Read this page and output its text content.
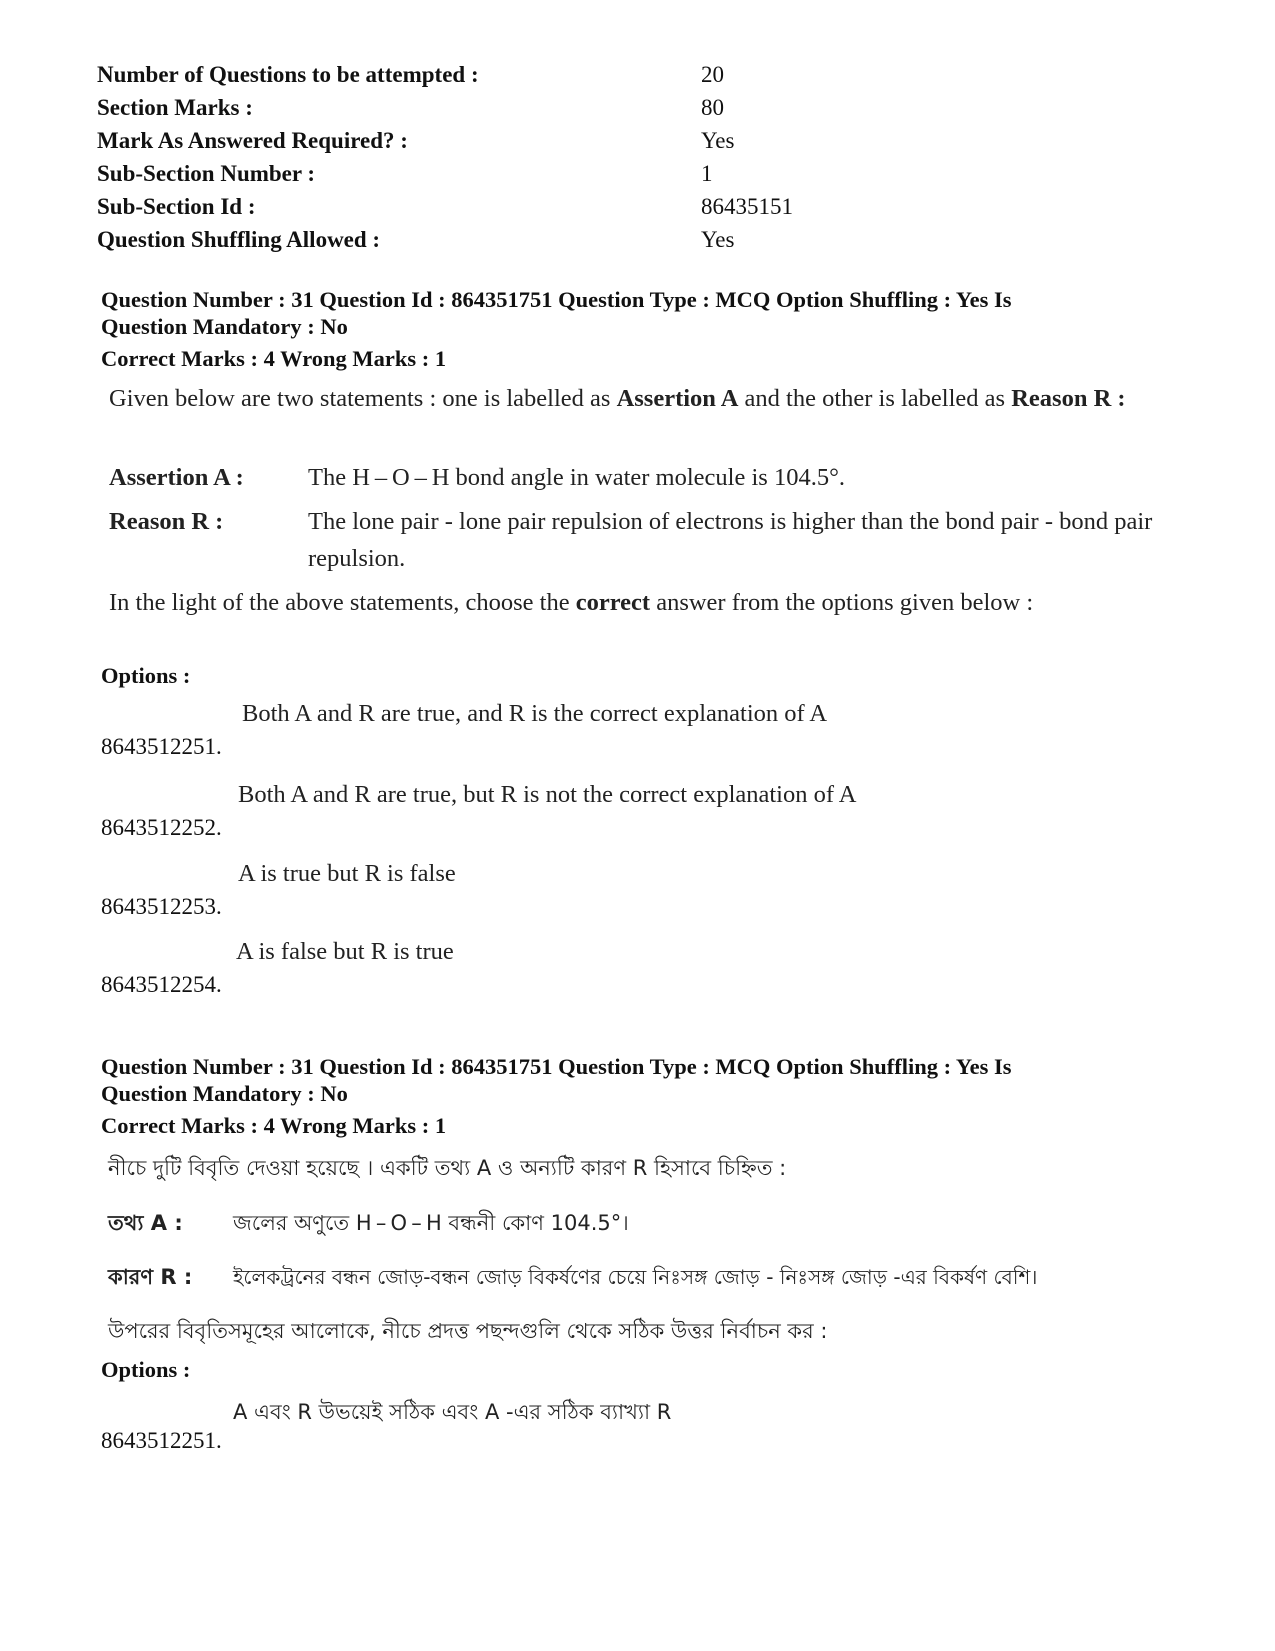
Number of Questions to be attempted :	20
Section Marks :	80
Mark As Answered Required? :	Yes
Sub-Section Number :	1
Sub-Section Id :	86435151
Question Shuffling Allowed :	Yes
Question Number : 31 Question Id : 864351751 Question Type : MCQ Option Shuffling : Yes Is
Question Mandatory : No
Correct Marks : 4 Wrong Marks : 1
Given below are two statements : one is labelled as Assertion A and the other is labelled as Reason R :
Assertion A :	The H – O – H bond angle in water molecule is 104.5°.
Reason R :	The lone pair - lone pair repulsion of electrons is higher than the bond pair - bond pair repulsion.
In the light of the above statements, choose the correct answer from the options given below :
Options :
8643512251.
Both A and R are true, and R is the correct explanation of A
8643512252.
Both A and R are true, but R is not the correct explanation of A
8643512253.
A is true but R is false
8643512254.
A is false but R is true
Question Number : 31 Question Id : 864351751 Question Type : MCQ Option Shuffling : Yes Is
Question Mandatory : No
Correct Marks : 4 Wrong Marks : 1
নীচে দুটি বিবৃতি দেওয়া হয়েছে । একটি তথ্য A ও অন্যটি কারণ R হিসাবে চিহ্নিত :
তথ্য A : জলের অণুতে H – O – H বন্ধনী কোণ 104.5°।
কারণ R : ইলেকট্রনের বন্ধন জোড়-বন্ধন জোড় বিকর্ষণের চেয়ে নিঃসঙ্গ জোড় - নিঃসঙ্গ জোড় -এর বিকর্ষণ বেশি।
উপরের বিবৃতিসমূহের আলোকে, নীচে প্রদত্ত পছন্দগুলি থেকে সঠিক উত্তর নির্বাচন কর :
Options :
8643512251.
A এবং R উভয়েই সঠিক এবং A -এর সঠিক ব্যাখ্যা R
